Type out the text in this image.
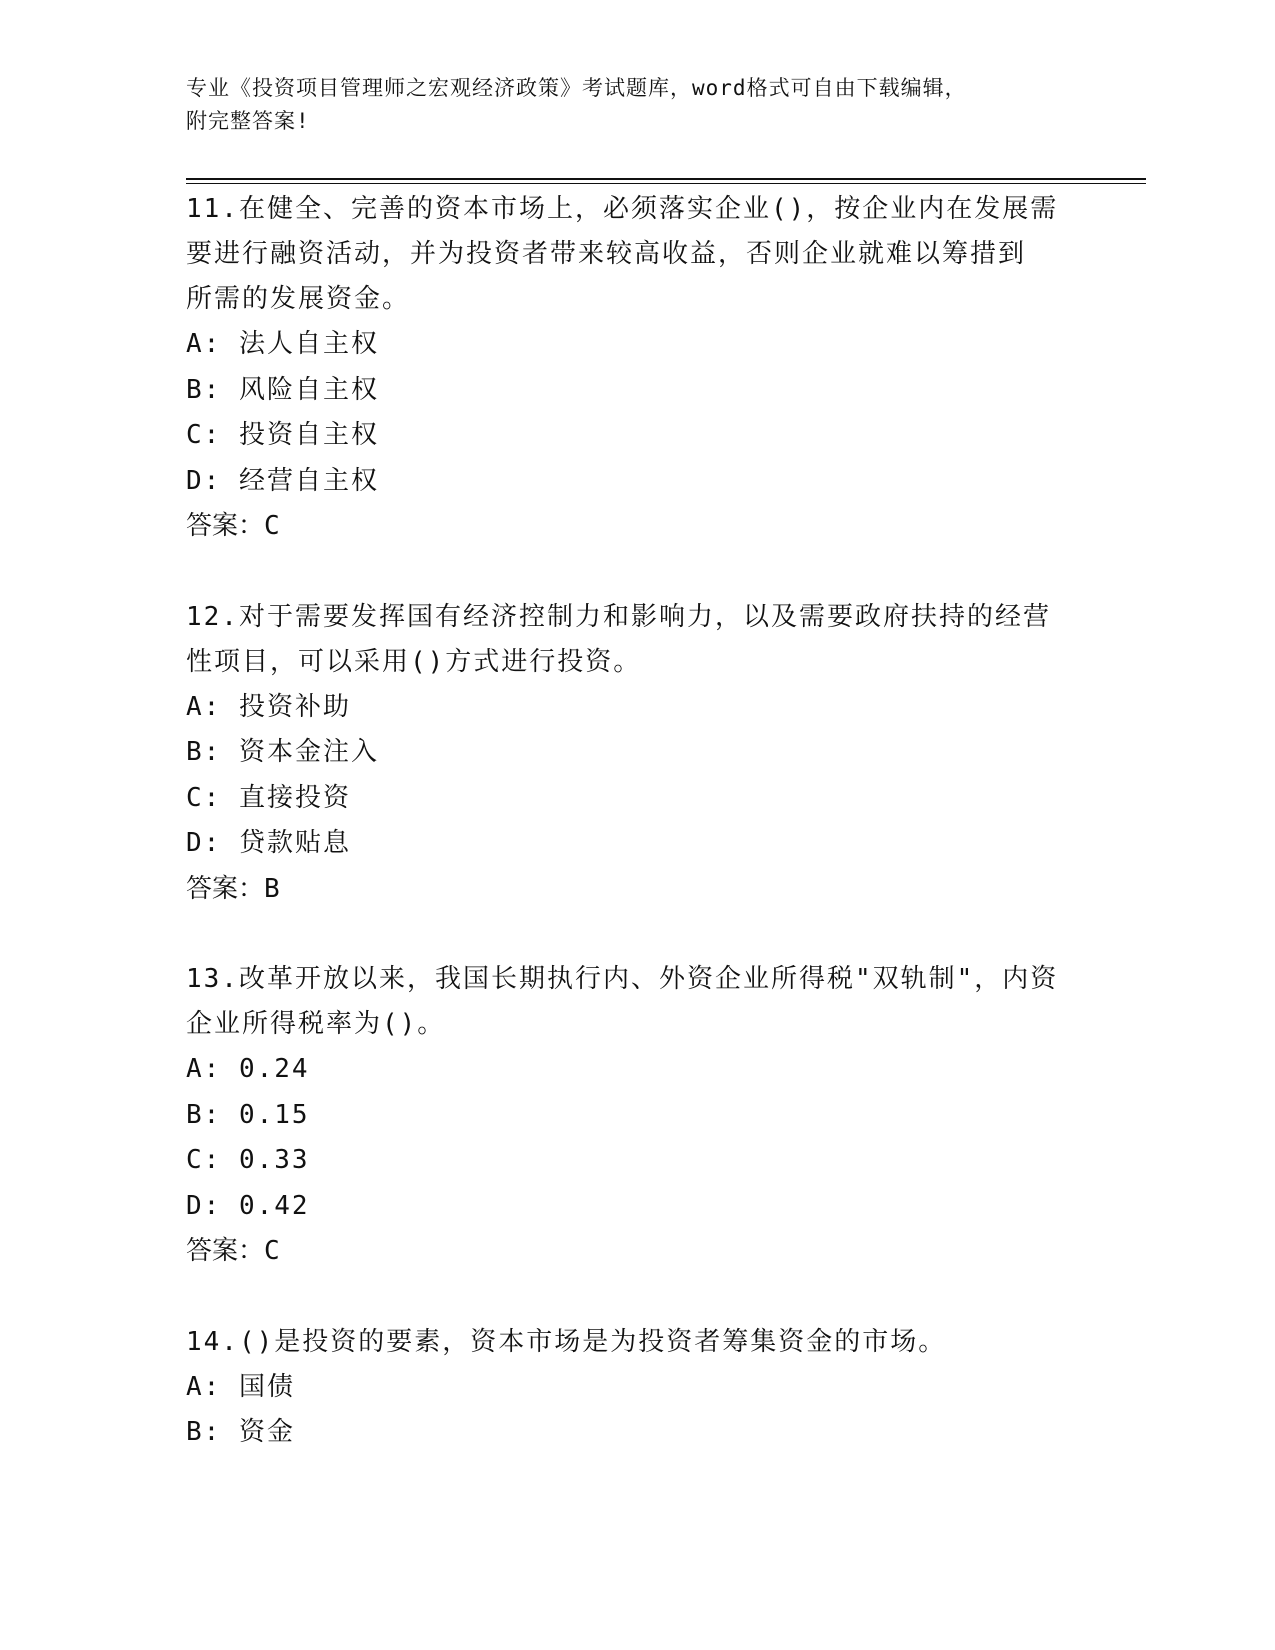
专业《投资项目管理师之宏观经济政策》考试题库，word格式可自由下载编辑，

附完整答案!

11.在健全、完善的资本市场上，必须落实企业()，按企业内在发展需

要进行融资活动，并为投资者带来较高收益，否则企业就难以筹措到

所需的发展资金。

A: 法人自主权

B: 风险自主权

C: 投资自主权

D: 经营自主权

答案：C

12.对于需要发挥国有经济控制力和影响力，以及需要政府扶持的经营

性项目，可以采用()方式进行投资。

A: 投资补助

B: 资本金注入

C: 直接投资

D: 贷款贴息

答案：B

13.改革开放以来，我国长期执行内、外资企业所得税"双轨制"，内资

企业所得税率为()。

A: 0.24

B: 0.15

C: 0.33

D: 0.42

答案：C

14.()是投资的要素，资本市场是为投资者筹集资金的市场。

A: 国债

B: 资金
